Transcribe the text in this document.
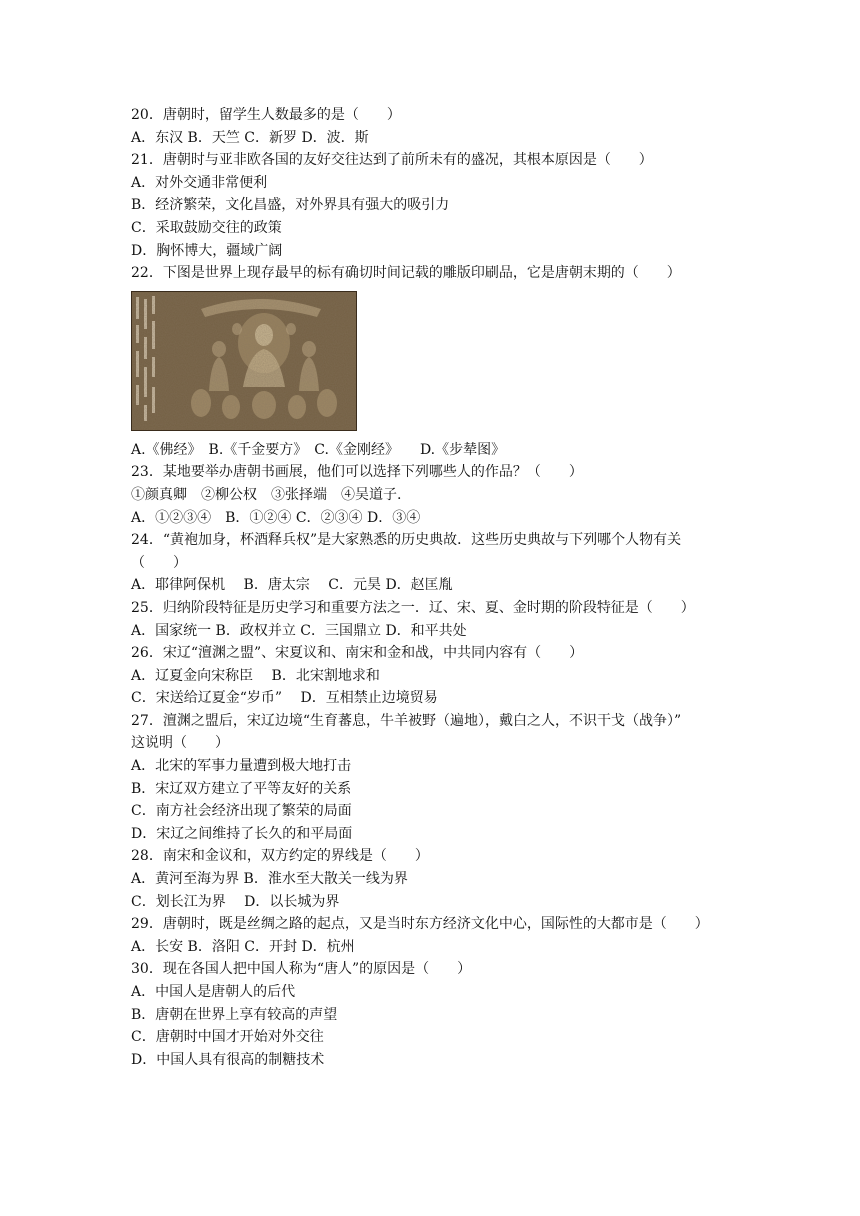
20．唐朝时，留学生人数最多的是（　　）
A．东汉 B．天竺 C．新罗 D．波．斯
21．唐朝时与亚非欧各国的友好交往达到了前所未有的盛况，其根本原因是（　　）
A．对外交通非常便利
B．经济繁荣，文化昌盛，对外界具有强大的吸引力
C．采取鼓励交往的政策
D．胸怀博大，疆域广阔
22．下图是世界上现存最早的标有确切时间记载的雕版印刷品，它是唐朝末期的（　　）
A.《佛经》　B.《千金要方》　C.《金刚经》　　D.《步辇图》
23．某地要举办唐朝书画展，他们可以选择下列哪些人的作品？（　　）
①颜真卿　②柳公权　③张择端　④吴道子.
A．①②③④　B．①②④ C．②③④ D．③④
24．“黄袍加身，杯酒释兵权”是大家熟悉的历史典故．这些历史典故与下列哪个人物有关
（　　）
A．耶律阿保机　 B．唐太宗　 C．元昊 D．赵匡胤
25．归纳阶段特征是历史学习和重要方法之一．辽、宋、夏、金时期的阶段特征是（　　）
A．国家统一 B．政权并立 C．三国鼎立 D．和平共处
26．宋辽“澶渊之盟”、宋夏议和、南宋和金和战，中共同内容有（　　）
A．辽夏金向宋称臣　 B．北宋割地求和
C．宋送给辽夏金“岁币”　 D．互相禁止边境贸易
27．澶渊之盟后，宋辽边境“生育蕃息，牛羊被野（遍地），戴白之人，不识干戈（战争）”
这说明（　　）
A．北宋的军事力量遭到极大地打击
B．宋辽双方建立了平等友好的关系
C．南方社会经济出现了繁荣的局面
D．宋辽之间维持了长久的和平局面
28．南宋和金议和，双方约定的界线是（　　）
A．黄河至海为界 B．淮水至大散关一线为界
C．划长江为界　 D．以长城为界
29．唐朝时，既是丝绸之路的起点，又是当时东方经济文化中心，国际性的大都市是（　　）
A．长安 B．洛阳 C．开封 D．杭州
30．现在各国人把中国人称为“唐人”的原因是（　　）
A．中国人是唐朝人的后代
B．唐朝在世界上享有较高的声望
C．唐朝时中国才开始对外交往
D．中国人具有很高的制糖技术
